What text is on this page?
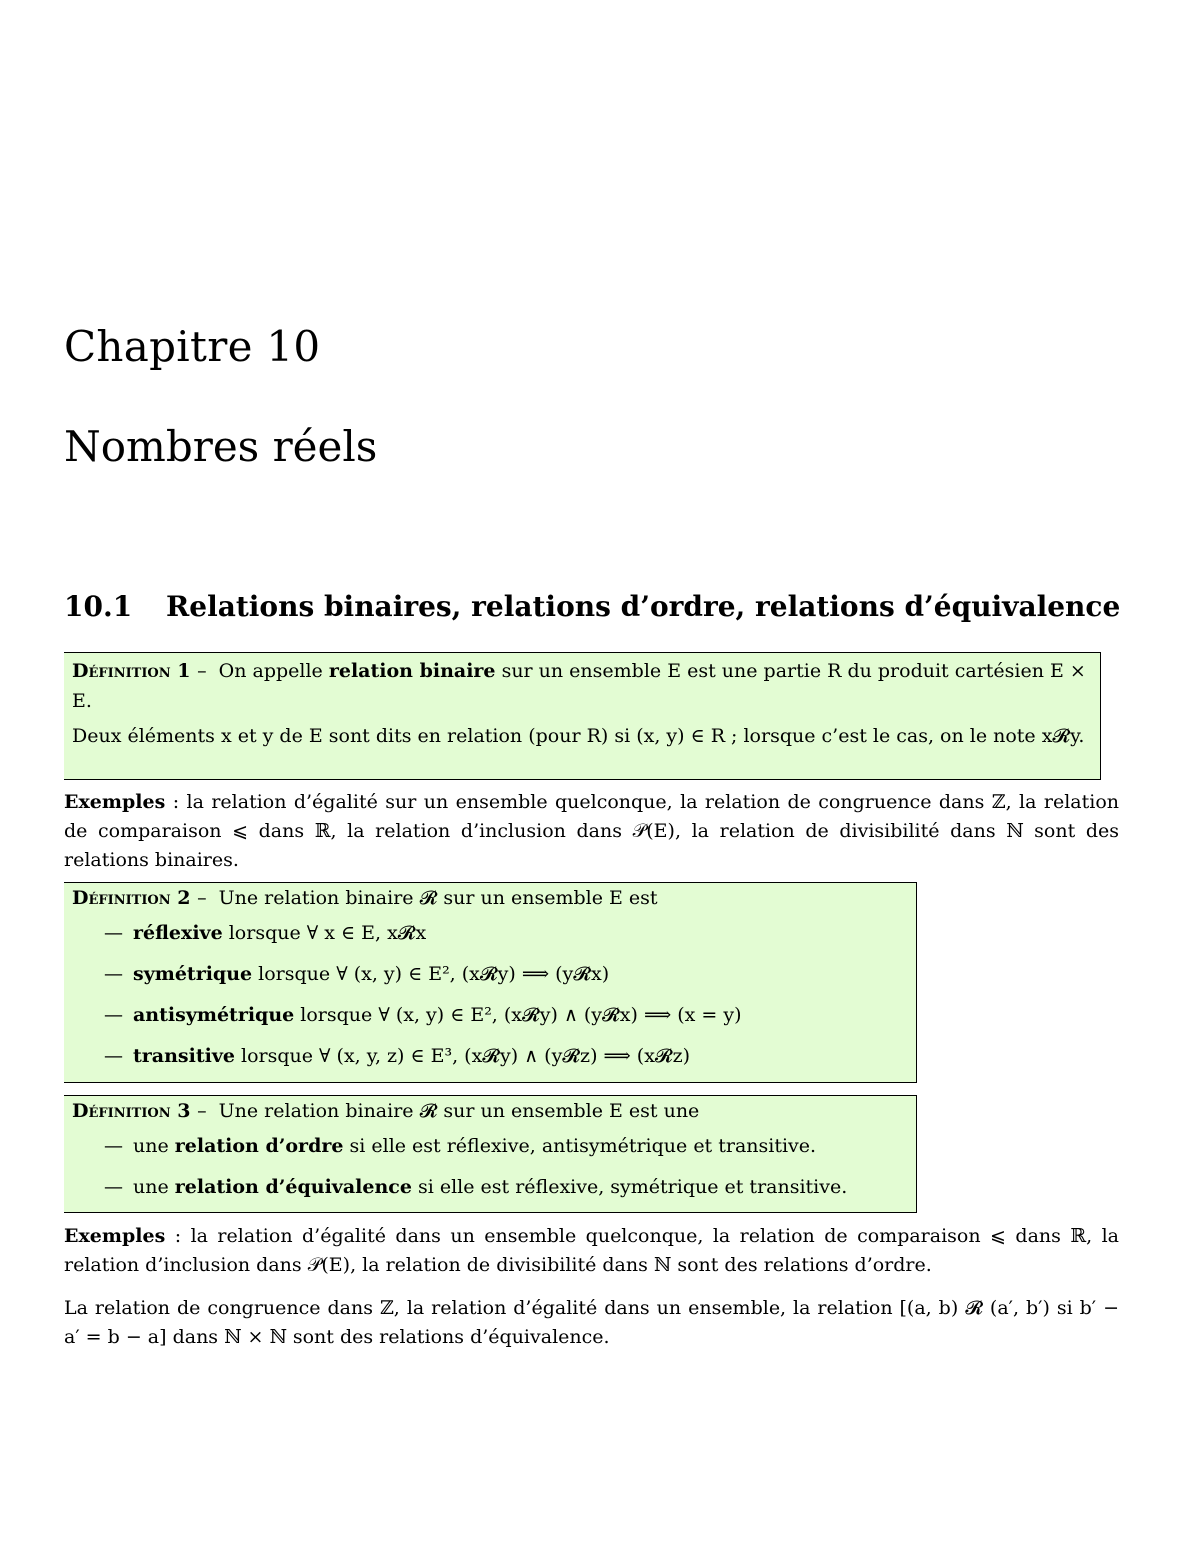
Chapitre 10
Nombres réels
10.1 Relations binaires, relations d’ordre, relations d’équivalence

Définition 1 – On appelle relation binaire sur un ensemble E est une partie R du produit cartésien E × E.

Deux éléments x et y de E sont dits en relation (pour R) si (x, y) ∈ R ; lorsque c’est le cas, on le note x𝓡y.

Exemples : la relation d’égalité sur un ensemble quelconque, la relation de congruence dans ℤ, la relation de comparaison ⩽ dans ℝ, la relation d’inclusion dans 𝒫(E), la relation de divisibilité dans ℕ sont des relations binaires.

Définition 2 – Une relation binaire 𝓡 sur un ensemble E est

— réflexive lorsque ∀ x ∈ E, x𝓡x
— symétrique lorsque ∀ (x, y) ∈ E², (x𝓡y) ⟹ (y𝓡x)
— antisymétrique lorsque ∀ (x, y) ∈ E², (x𝓡y) ∧ (y𝓡x) ⟹ (x = y)
— transitive lorsque ∀ (x, y, z) ∈ E³, (x𝓡y) ∧ (y𝓡z) ⟹ (x𝓡z)

Définition 3 – Une relation binaire 𝓡 sur un ensemble E est une

— une relation d’ordre si elle est réflexive, antisymétrique et transitive.
— une relation d’équivalence si elle est réflexive, symétrique et transitive.

Exemples : la relation d’égalité dans un ensemble quelconque, la relation de comparaison ⩽ dans ℝ, la relation d’inclusion dans 𝒫(E), la relation de divisibilité dans ℕ sont des relations d’ordre.

La relation de congruence dans ℤ, la relation d’égalité dans un ensemble, la relation [(a, b) 𝓡 (a′, b′) si b′ − a′ = b − a] dans ℕ × ℕ sont des relations d’équivalence.
